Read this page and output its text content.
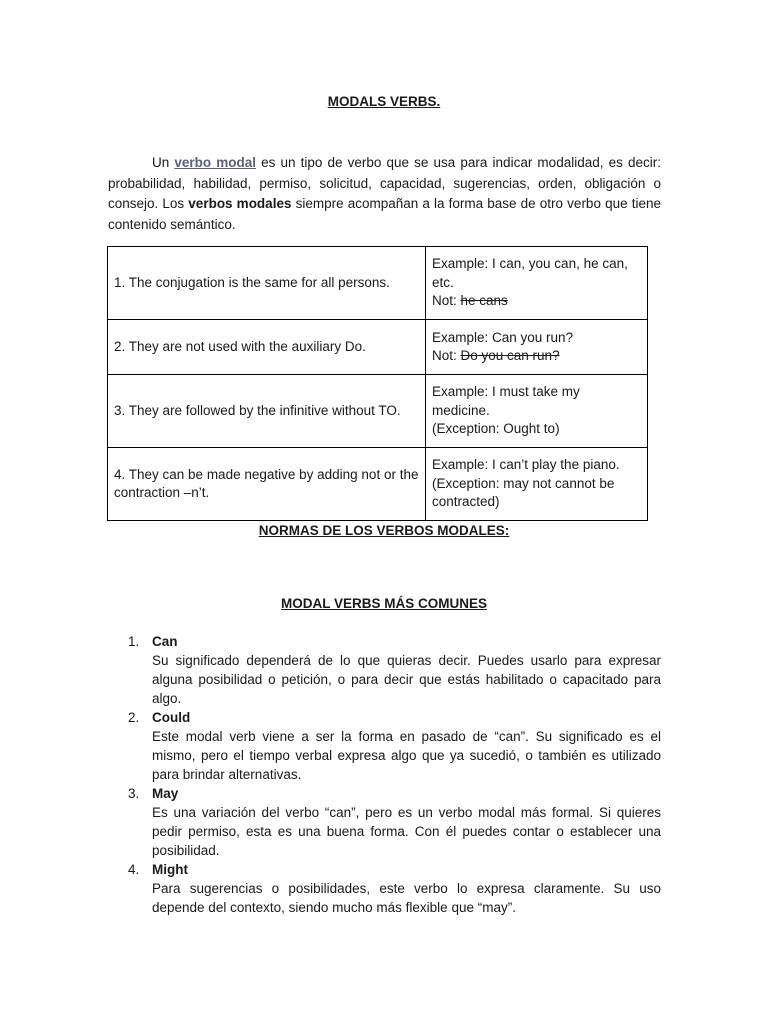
MODALS VERBS.

Un verbo modal es un tipo de verbo que se usa para indicar modalidad, es decir: probabilidad, habilidad, permiso, solicitud, capacidad, sugerencias, orden, obligación o consejo. Los verbos modales siempre acompañan a la forma base de otro verbo que tiene contenido semántico.

1. The conjugation is the same for all persons.	Example: I can, you can, he can, etc.
Not: he cans

2. They are not used with the auxiliary Do.	Example: Can you run?
Not: Do you can run?

3. They are followed by the infinitive without TO.	Example: I must take my medicine.
(Exception: Ought to)

4. They can be made negative by adding not or the contraction –n’t.	Example: I can’t play the piano.
(Exception: may not cannot be contracted)
NORMAS DE LOS VERBOS MODALES:
MODAL VERBS MÁS COMUNES
1. Can
Su significado dependerá de lo que quieras decir. Puedes usarlo para expresar alguna posibilidad o petición, o para decir que estás habilitado o capacitado para algo.
2. Could
Este modal verb viene a ser la forma en pasado de “can”. Su significado es el mismo, pero el tiempo verbal expresa algo que ya sucedió, o también es utilizado para brindar alternativas.
3. May
Es una variación del verbo “can”, pero es un verbo modal más formal. Si quieres pedir permiso, esta es una buena forma. Con él puedes contar o establecer una posibilidad.
4. Might
Para sugerencias o posibilidades, este verbo lo expresa claramente. Su uso depende del contexto, siendo mucho más flexible que “may”.
